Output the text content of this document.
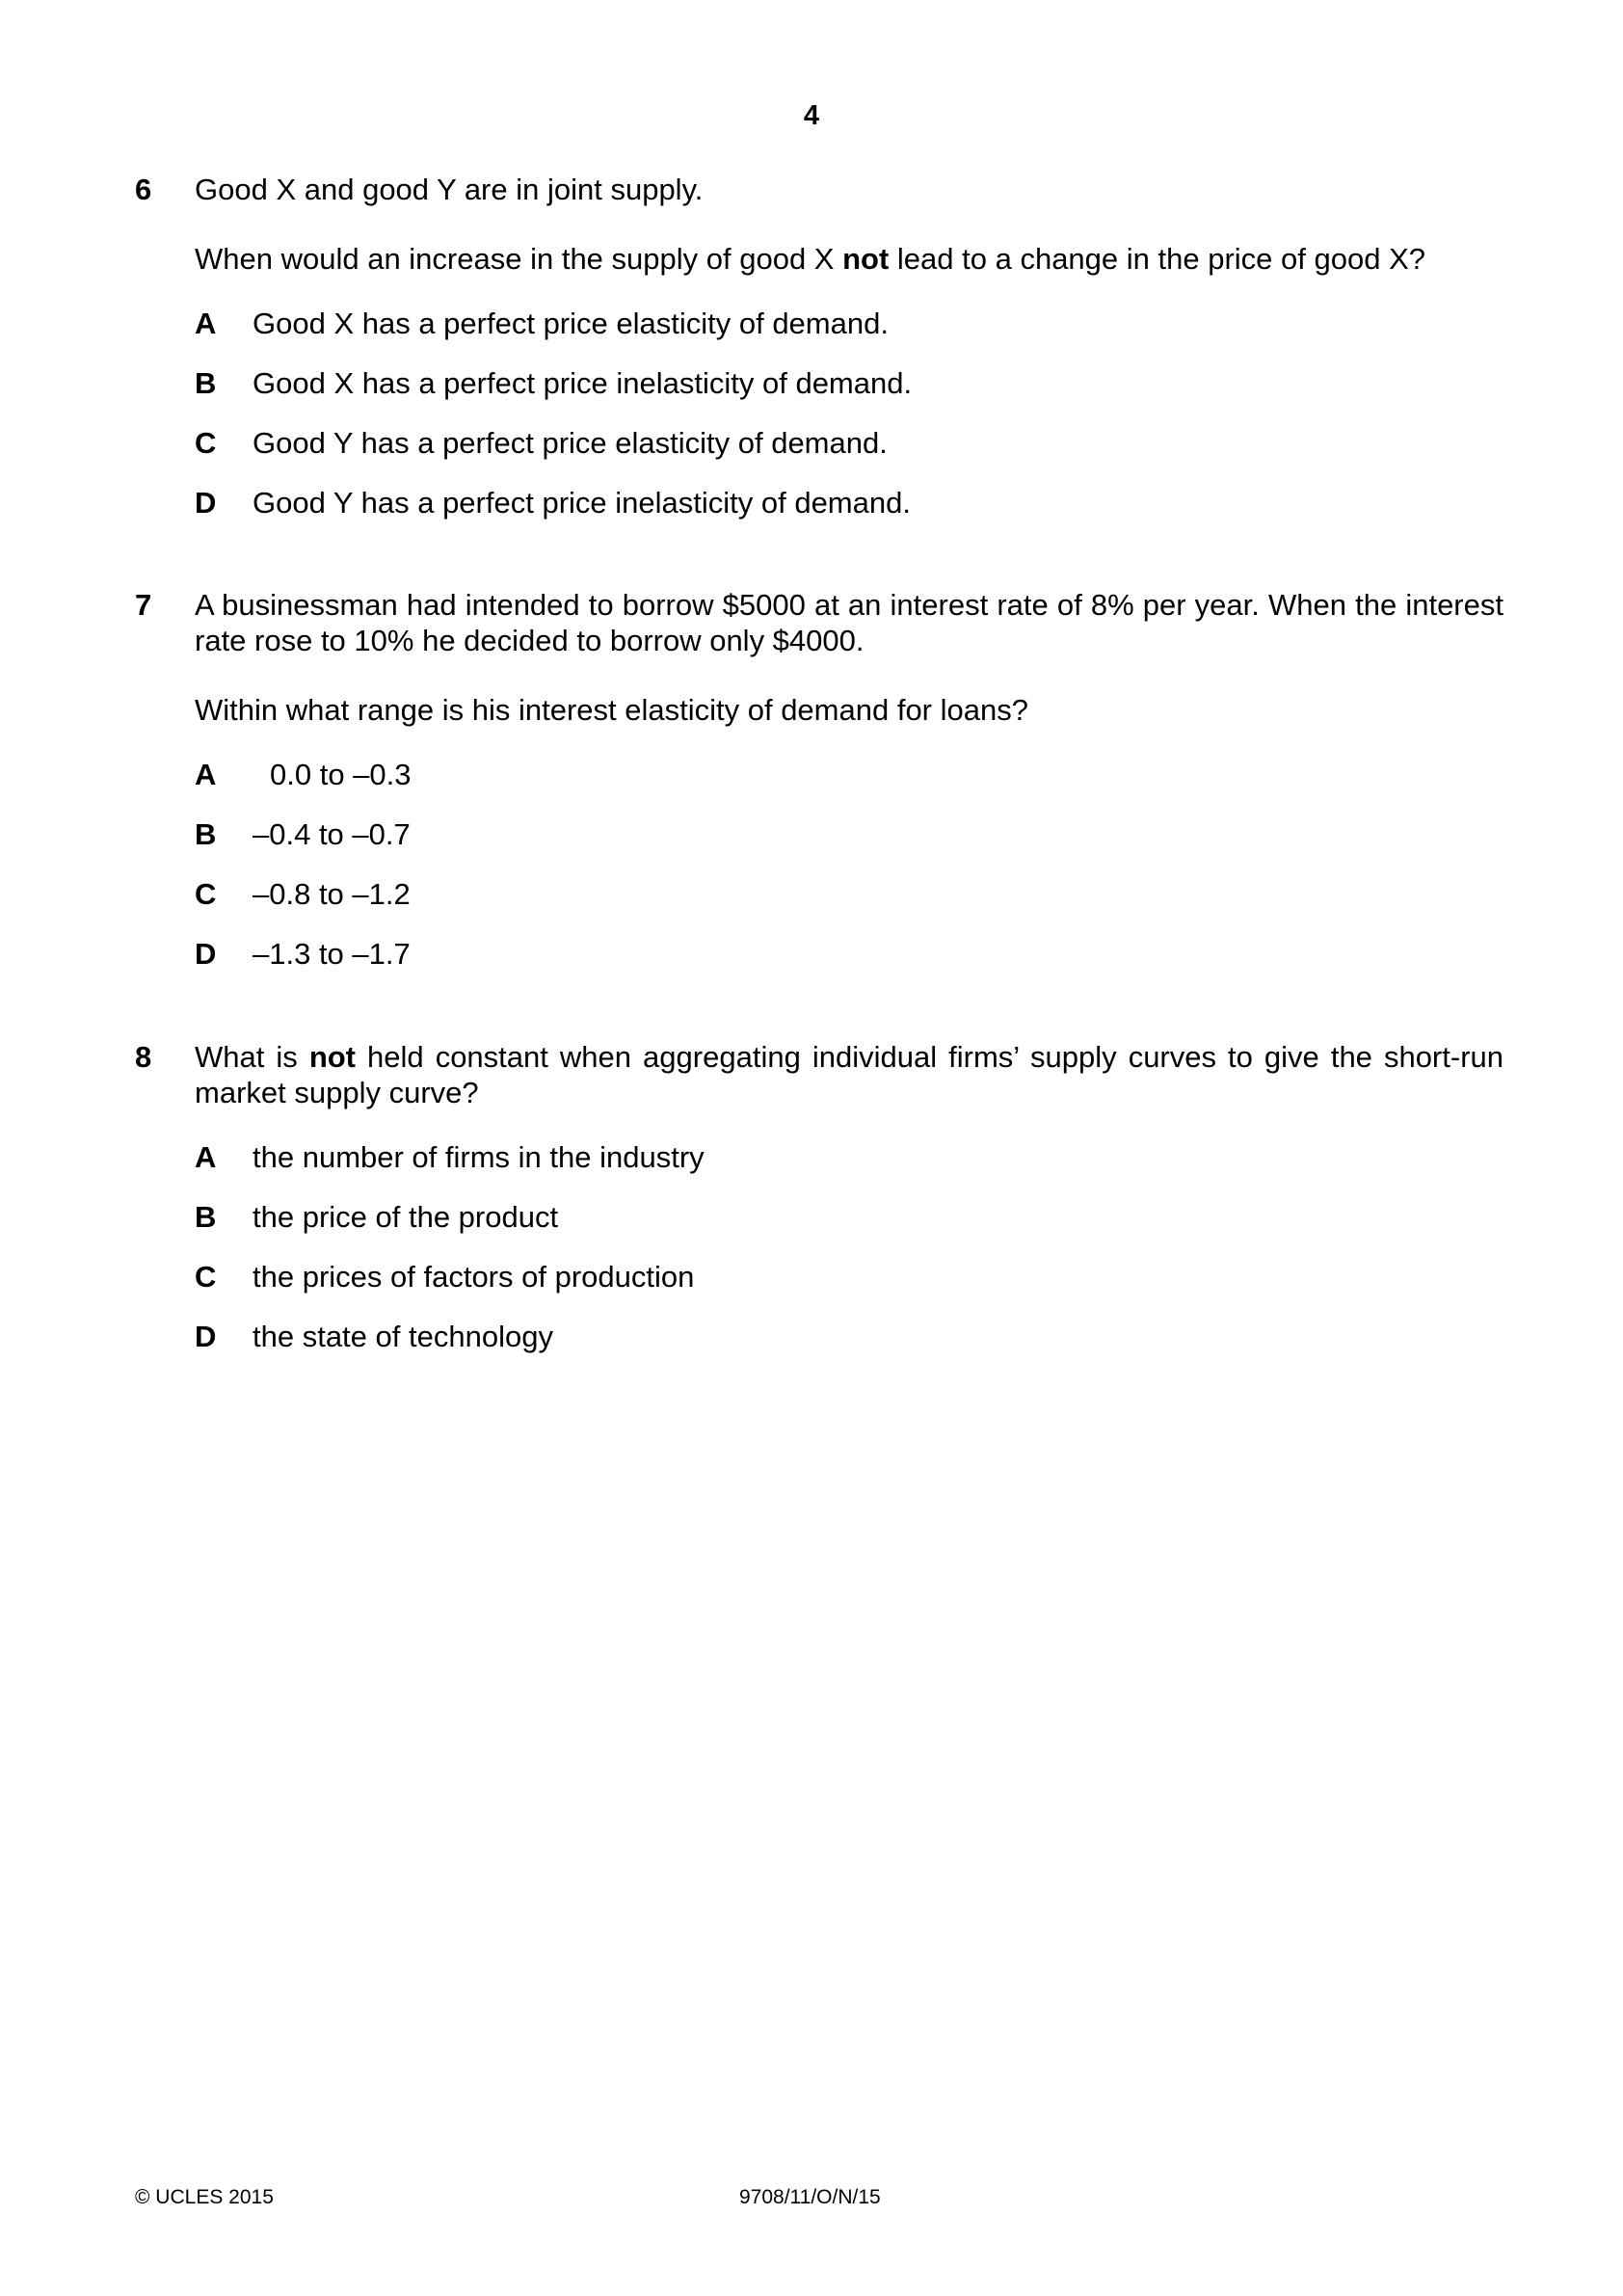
4
6 Good X and good Y are in joint supply.

When would an increase in the supply of good X not lead to a change in the price of good X?

A	Good X has a perfect price elasticity of demand.
B	Good X has a perfect price inelasticity of demand.
C	Good Y has a perfect price elasticity of demand.
D	Good Y has a perfect price inelasticity of demand.
7 A businessman had intended to borrow $5000 at an interest rate of 8% per year. When the interest rate rose to 10% he decided to borrow only $4000.

Within what range is his interest elasticity of demand for loans?

A	0.0 to –0.3
B	–0.4 to –0.7
C	–0.8 to –1.2
D	–1.3 to –1.7
8 What is not held constant when aggregating individual firms’ supply curves to give the short-run market supply curve?

A	the number of firms in the industry
B	the price of the product
C	the prices of factors of production
D	the state of technology
© UCLES 2015	9708/11/O/N/15
